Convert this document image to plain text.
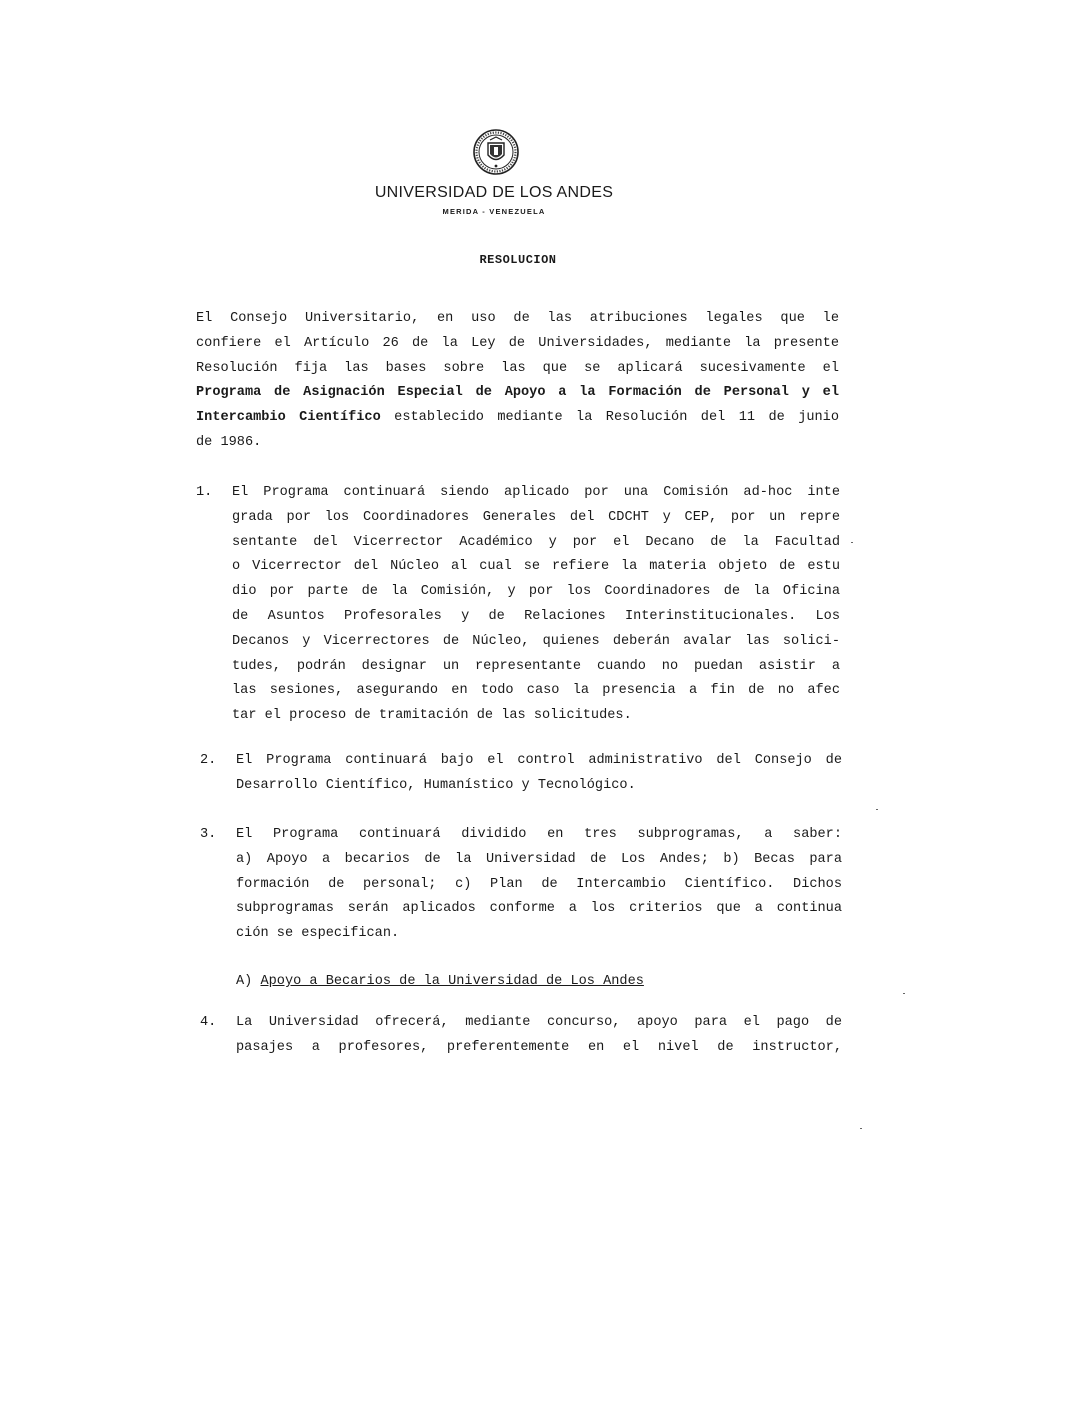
UNIVERSIDAD DE LOS ANDES
MERIDA - VENEZUELA
RESOLUCION
El Consejo Universitario, en uso de las atribuciones legales que le
confiere el Artículo 26 de la Ley de Universidades, mediante la presente
Resolución fija las bases sobre las que se aplicará sucesivamente el
Programa de Asignación Especial de Apoyo a la Formación de Personal y el
Intercambio Científico establecido mediante la Resolución del 11 de junio
de 1986.
1. El Programa continuará siendo aplicado por una Comisión ad-hoc inte
grada por los Coordinadores Generales del CDCHT y CEP, por un repre
sentante del Vicerrector Académico y por el Decano de la Facultad
o Vicerrector del Núcleo al cual se refiere la materia objeto de estu
dio por parte de la Comisión, y por los Coordinadores de la Oficina
de Asuntos Profesorales y de Relaciones Interinstitucionales. Los
Decanos y Vicerrectores de Núcleo, quienes deberán avalar las solici-
tudes, podrán designar un representante cuando no puedan asistir a
las sesiones, asegurando en todo caso la presencia a fin de no afec
tar el proceso de tramitación de las solicitudes.
2. El Programa continuará bajo el control administrativo del Consejo de
Desarrollo Científico, Humanístico y Tecnológico.
3. El Programa continuará dividido en tres subprogramas, a saber:
a) Apoyo a becarios de la Universidad de Los Andes; b) Becas para
formación de personal; c) Plan de Intercambio Científico. Dichos
subprogramas serán aplicados conforme a los criterios que a continua
ción se especifican.
A) Apoyo a Becarios de la Universidad de Los Andes
4. La Universidad ofrecerá, mediante concurso, apoyo para el pago de
pasajes a profesores, preferentemente en el nivel de instructor,
